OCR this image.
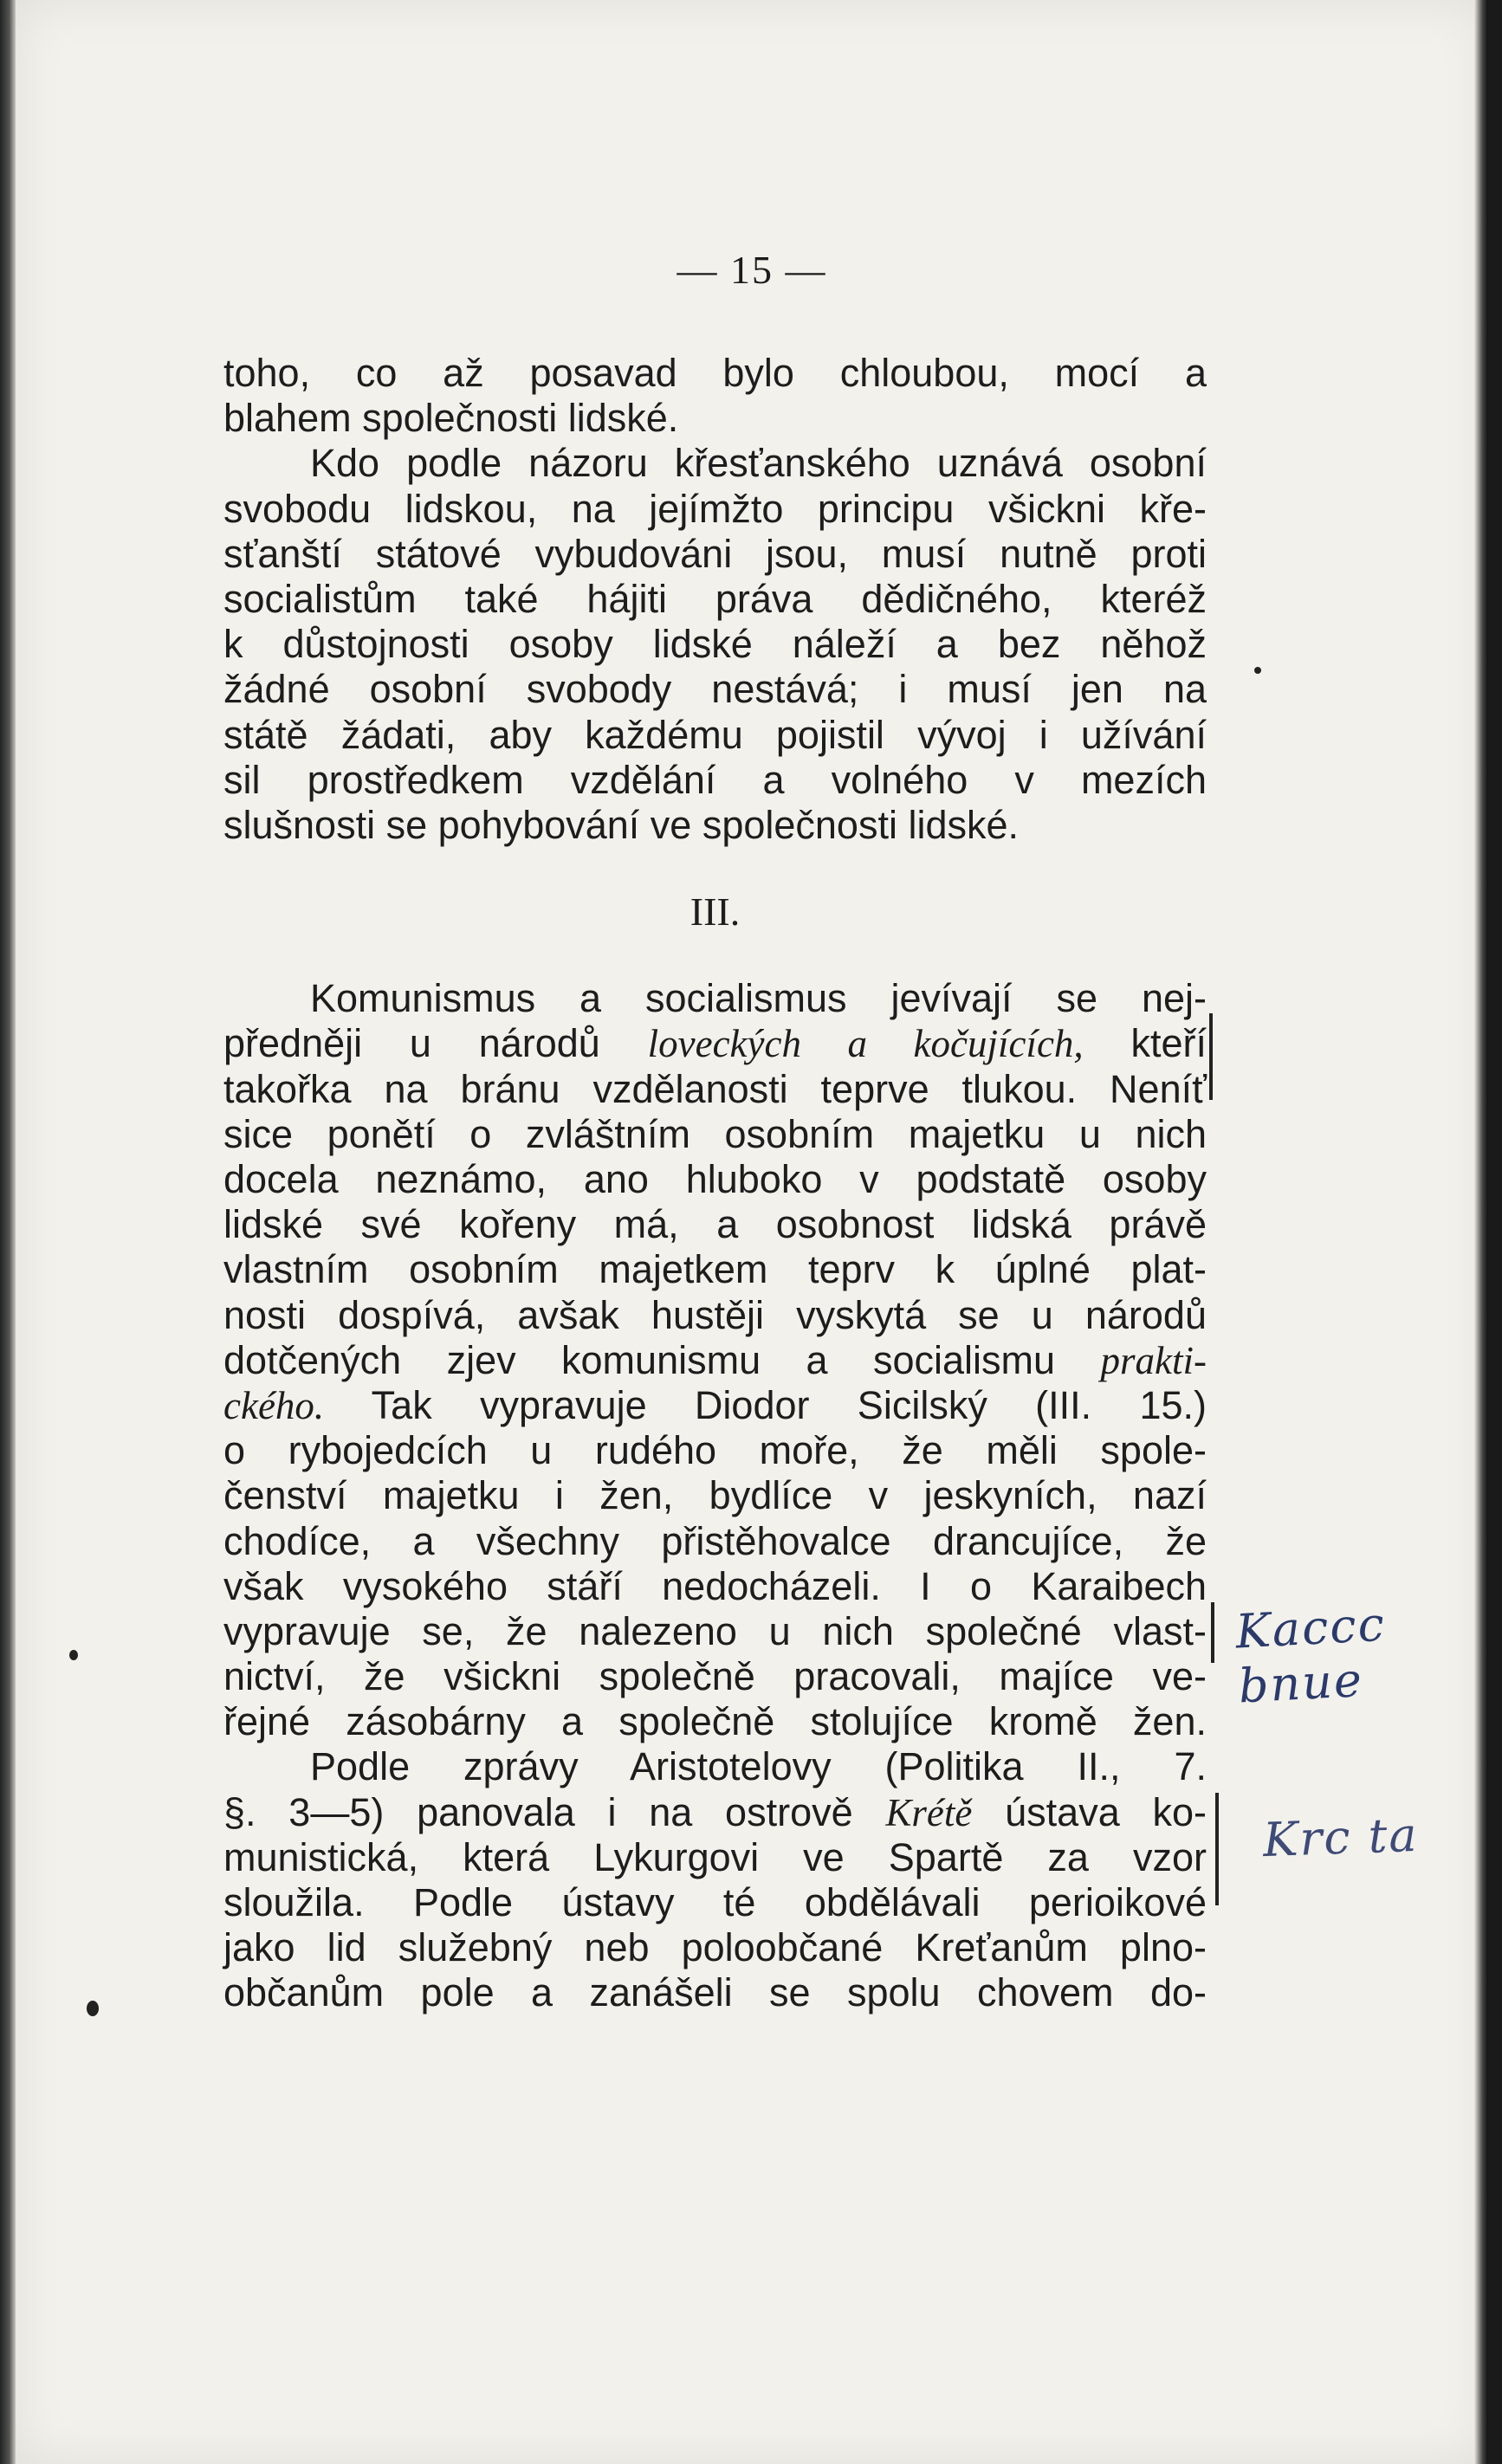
— 15 —
toho, co až posavad bylo chloubou, mocí a
blahem společnosti lidské.
Kdo podle názoru křesťanského uznává osobní
svobodu lidskou, na jejímžto principu všickni kře-
sťanští státové vybudováni jsou, musí nutně proti
socialistům také hájiti práva dědičného, kteréž
k důstojnosti osoby lidské náleží a bez něhož
žádné osobní svobody nestává; i musí jen na
státě žádati, aby každému pojistil vývoj i užívání
sil prostředkem vzdělání a volného v mezích
slušnosti se pohybování ve společnosti lidské.
III.
Komunismus a socialismus jevívají se nej-
předněji u národů loveckých a kočujících, kteří
takořka na bránu vzdělanosti teprve tlukou. Neníť
sice ponětí o zvláštním osobním majetku u nich
docela neznámo, ano hluboko v podstatě osoby
lidské své kořeny má, a osobnost lidská právě
vlastním osobním majetkem teprv k úplné plat-
nosti dospívá, avšak hustěji vyskytá se u národů
dotčených zjev komunismu a socialismu prakti-
ckého. Tak vypravuje Diodor Sicilský (III. 15.)
o rybojedcích u rudého moře, že měli spole-
čenství majetku i žen, bydlíce v jeskyních, nazí
chodíce, a všechny přistěhovalce drancujíce, že
však vysokého stáří nedocházeli. I o Karaibech
vypravuje se, že nalezeno u nich společné vlast-
nictví, že všickni společně pracovali, majíce ve-
řejné zásobárny a společně stolujíce kromě žen.
Podle zprávy Aristotelovy (Politika II., 7.
§. 3—5) panovala i na ostrově Krétě ústava ko-
munistická, která Lykurgovi ve Spartě za vzor
sloužila. Podle ústavy té obdělávali perioikové
jako lid služebný neb poloobčané Kreťanům plno-
občanům pole a zanášeli se spolu chovem do-
Kaccc bnue
Krc ta
